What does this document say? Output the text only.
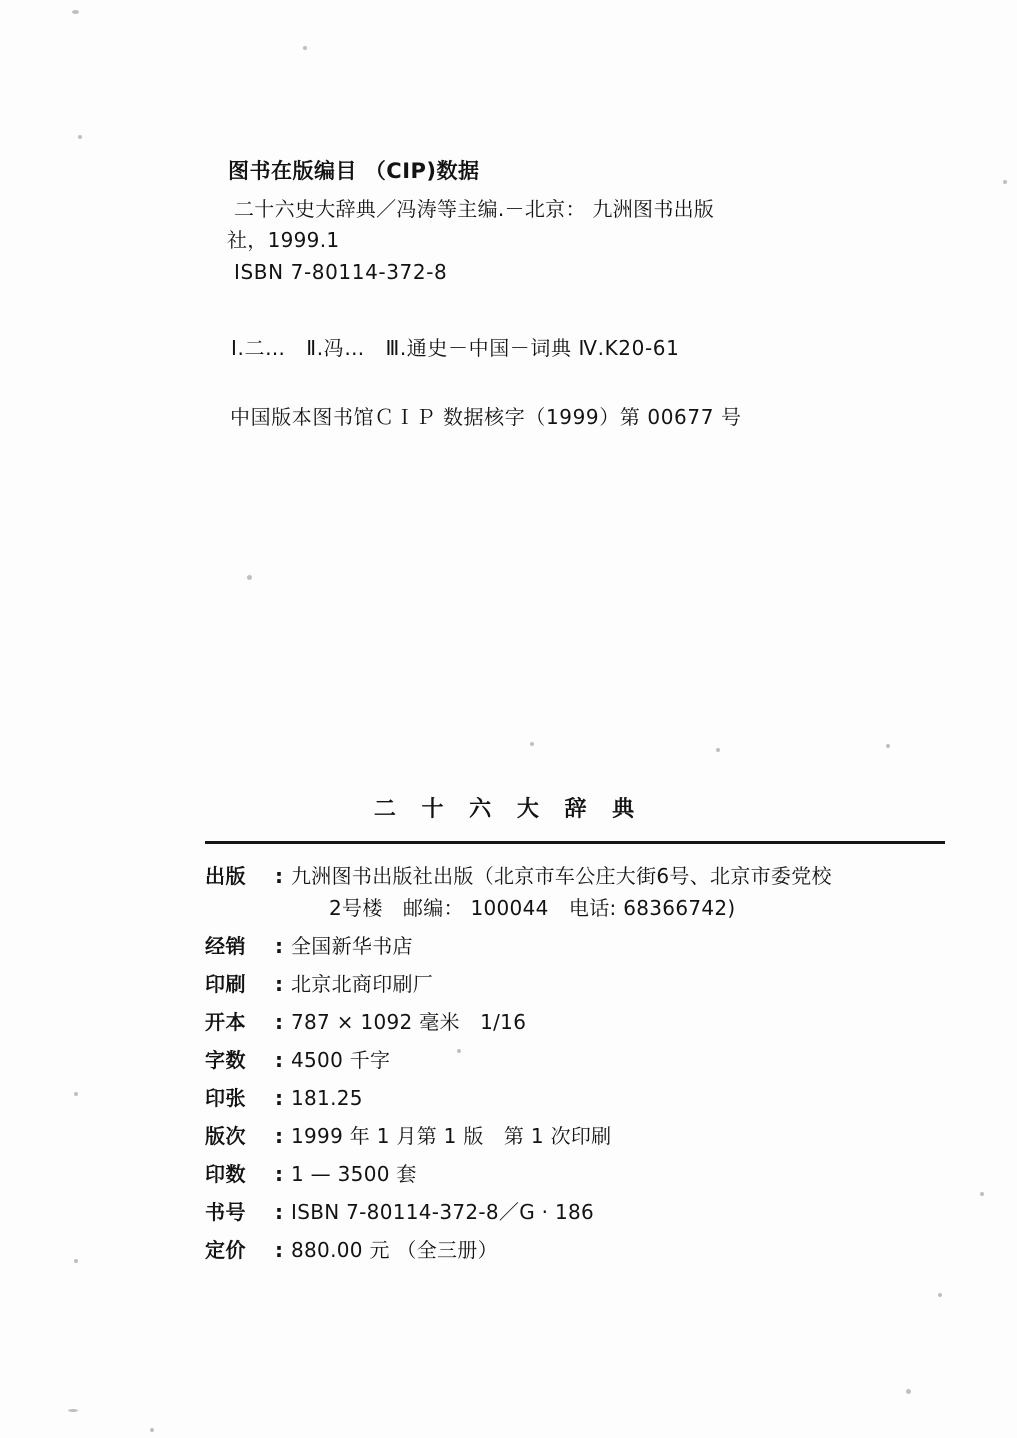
图书在版编目 （CIP)数据
二十六史大辞典／冯涛等主编.－北京： 九洲图书出版
社，1999.1
ISBN 7-80114-372-8
Ⅰ.二…　Ⅱ.冯…　Ⅲ.通史－中国－词典 Ⅳ.K20-61
中国版本图书馆ＣＩＰ 数据核字（1999）第 00677 号
二 十 六 大 辞 典
出版	: 九洲图书出版社出版（北京市车公庄大街6号、北京市委党校
2号楼　邮编： 100044　电话: 68366742)
经销	: 全国新华书店
印刷	: 北京北商印刷厂
开本	: 787 × 1092 毫米　1/16
字数	: 4500 千字
印张	: 181.25
版次	: 1999 年 1 月第 1 版　第 1 次印刷
印数	: 1 — 3500 套
书号	: ISBN 7-80114-372-8／G · 186
定价	: 880.00 元 （全三册）
